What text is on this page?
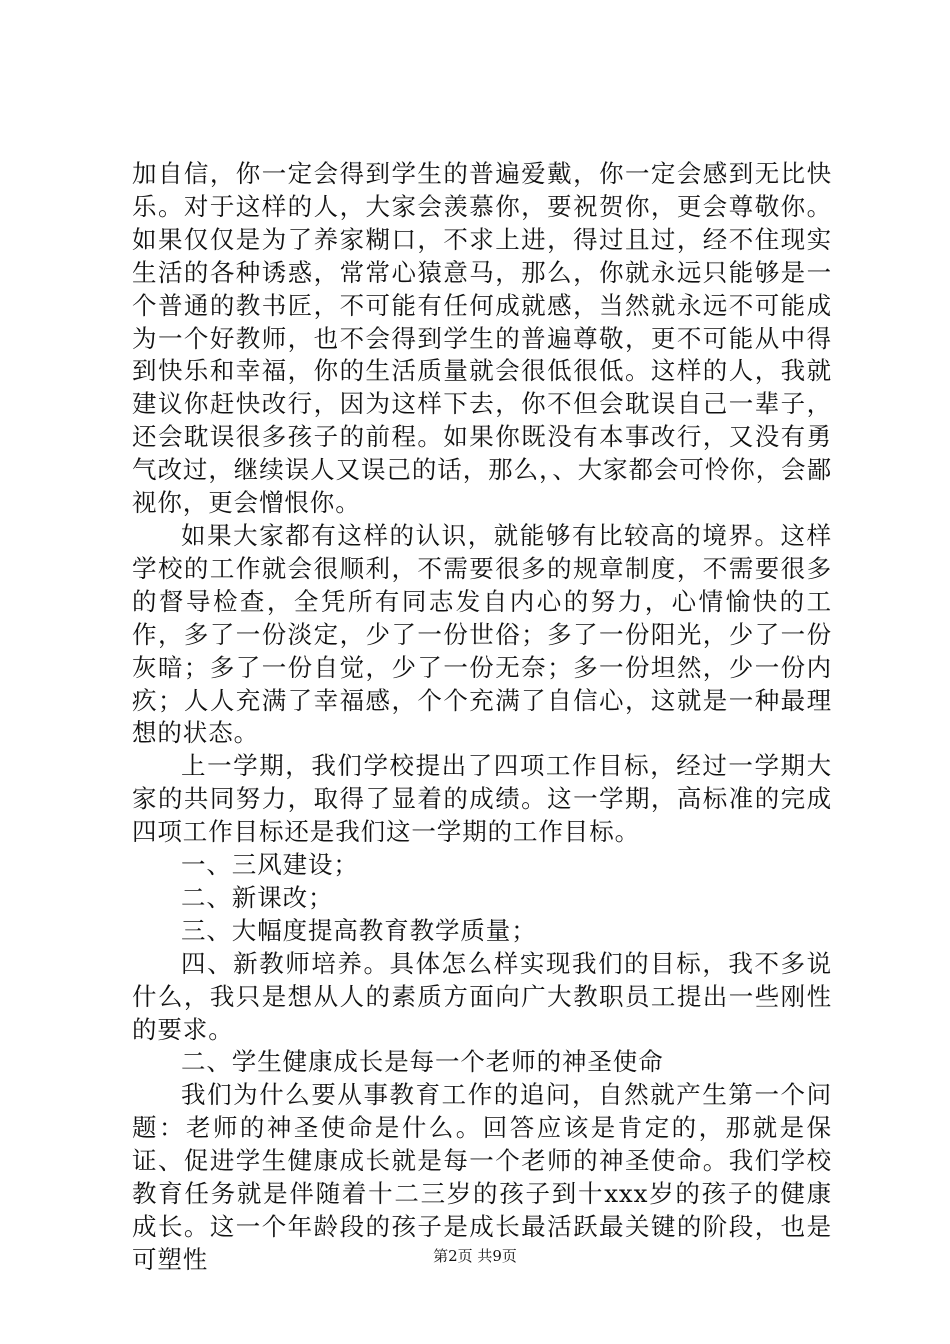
加自信，你一定会得到学生的普遍爱戴，你一定会感到无比快乐。对于这样的人，大家会羡慕你，要祝贺你，更会尊敬你。如果仅仅是为了养家糊口，不求上进，得过且过，经不住现实生活的各种诱惑，常常心猿意马，那么，你就永远只能够是一个普通的教书匠，不可能有任何成就感，当然就永远不可能成为一个好教师，也不会得到学生的普遍尊敬，更不可能从中得到快乐和幸福，你的生活质量就会很低很低。这样的人，我就建议你赶快改行，因为这样下去，你不但会耽误自己一辈子，还会耽误很多孩子的前程。如果你既没有本事改行，又没有勇气改过，继续误人又误己的话，那么，、大家都会可怜你，会鄙视你，更会憎恨你。

如果大家都有这样的认识，就能够有比较高的境界。这样学校的工作就会很顺利，不需要很多的规章制度，不需要很多的督导检查，全凭所有同志发自内心的努力，心情愉快的工作，多了一份淡定，少了一份世俗；多了一份阳光，少了一份灰暗；多了一份自觉，少了一份无奈；多一份坦然，少一份内疚；人人充满了幸福感，个个充满了自信心，这就是一种最理想的状态。

上一学期，我们学校提出了四项工作目标，经过一学期大家的共同努力，取得了显着的成绩。这一学期，高标准的完成四项工作目标还是我们这一学期的工作目标。

一、三风建设；

二、新课改；

三、大幅度提高教育教学质量；

四、新教师培养。具体怎么样实现我们的目标，我不多说什么，我只是想从人的素质方面向广大教职员工提出一些刚性的要求。

二、学生健康成长是每一个老师的神圣使命

我们为什么要从事教育工作的追问，自然就产生第一个问题：老师的神圣使命是什么。回答应该是肯定的，那就是保证、促进学生健康成长就是每一个老师的神圣使命。我们学校教育任务就是伴随着十二三岁的孩子到十xxx岁的孩子的健康成长。这一个年龄段的孩子是成长最活跃最关键的阶段，也是可塑性	第2页 共9页
